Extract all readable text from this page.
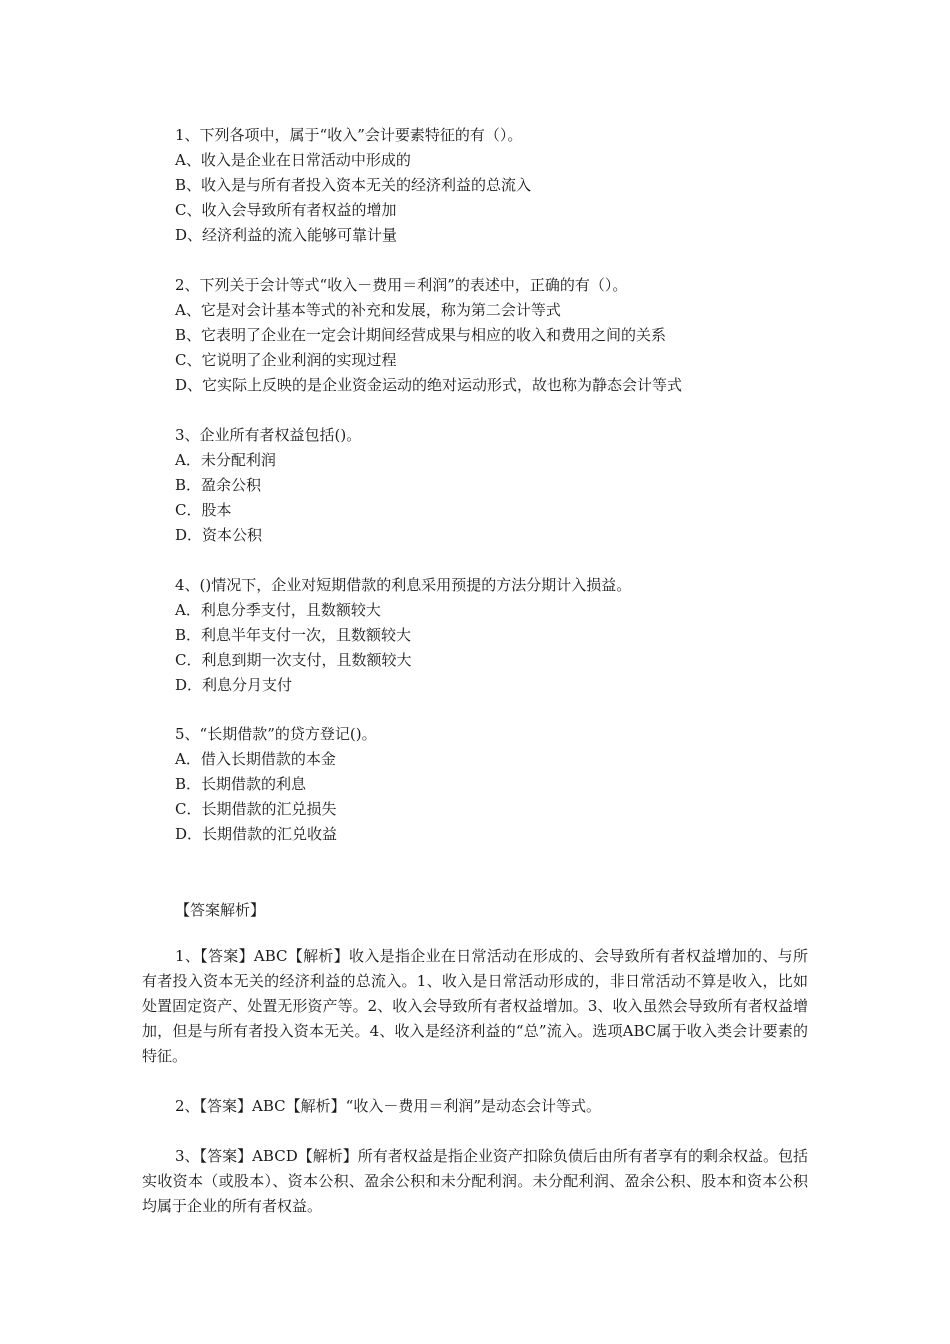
1、下列各项中，属于“收入”会计要素特征的有（）。
A、收入是企业在日常活动中形成的
B、收入是与所有者投入资本无关的经济利益的总流入
C、收入会导致所有者权益的增加
D、经济利益的流入能够可靠计量
2、下列关于会计等式“收入－费用＝利润”的表述中，正确的有（）。
A、它是对会计基本等式的补充和发展，称为第二会计等式
B、它表明了企业在一定会计期间经营成果与相应的收入和费用之间的关系
C、它说明了企业利润的实现过程
D、它实际上反映的是企业资金运动的绝对运动形式，故也称为静态会计等式
3、企业所有者权益包括()。
A．未分配利润
B．盈余公积
C．股本
D．资本公积
4、()情况下，企业对短期借款的利息采用预提的方法分期计入损益。
A．利息分季支付，且数额较大
B．利息半年支付一次，且数额较大
C．利息到期一次支付，且数额较大
D．利息分月支付
5、“长期借款”的贷方登记()。
A．借入长期借款的本金
B．长期借款的利息
C．长期借款的汇兑损失
D．长期借款的汇兑收益
【答案解析】
1、【答案】ABC【解析】收入是指企业在日常活动在形成的、会导致所有者权益增加的、与所有者投入资本无关的经济利益的总流入。1、收入是日常活动形成的，非日常活动不算是收入，比如处置固定资产、处置无形资产等。2、收入会导致所有者权益增加。3、收入虽然会导致所有者权益增加，但是与所有者投入资本无关。4、收入是经济利益的“总”流入。选项ABC属于收入类会计要素的特征。
2、【答案】ABC【解析】“收入－费用＝利润”是动态会计等式。
3、【答案】ABCD【解析】所有者权益是指企业资产扣除负债后由所有者享有的剩余权益。包括实收资本（或股本）、资本公积、盈余公积和未分配利润。未分配利润、盈余公积、股本和资本公积均属于企业的所有者权益。
